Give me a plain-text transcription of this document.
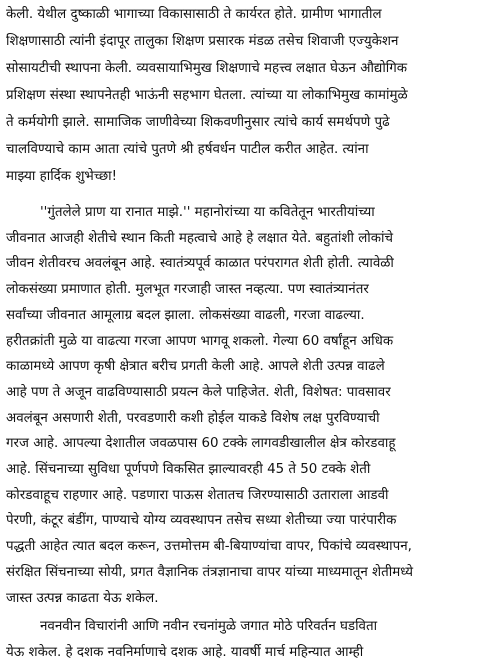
केली. येथील दुष्काळी भागाच्या विकासासाठी ते कार्यरत होते. ग्रामीण भागातील
शिक्षणासाठी त्यांनी इंदापूर तालुका शिक्षण प्रसारक मंडळ तसेच शिवाजी एज्युकेशन
सोसायटीची स्थापना केली. व्यवसायाभिमुख शिक्षणाचे महत्त्व लक्षात घेऊन औद्योगिक
प्रशिक्षण संस्था स्थापनेतही भाऊंनी सहभाग घेतला. त्यांच्या या लोकाभिमुख कामांमुळे
ते कर्मयोगी झाले. सामाजिक जाणीवेच्या शिकवणीनुसार त्यांचे कार्य समर्थपणे पुढे
चालविण्याचे काम आता त्यांचे पुतणे श्री हर्षवर्धन पाटील करीत आहेत. त्यांना
माझ्या हार्दिक शुभेच्छा!
''गुंतलेले प्राण या रानात माझे.'' महानोरांच्या या कवितेतून भारतीयांच्या
जीवनात आजही शेतीचे स्थान किती महत्वाचे आहे हे लक्षात येते. बहुतांशी लोकांचे
जीवन शेतीवरच अवलंबून आहे. स्वातंत्र्यपूर्व काळात परंपरागत शेती होती. त्यावेळी
लोकसंख्या प्रमाणात होती. मुलभूत गरजाही जास्त नव्हत्या. पण स्वातंत्र्यानंतर
सर्वांच्या जीवनात आमूलाग्र बदल झाला. लोकसंख्या वाढली, गरजा वाढल्या.
हरीतक्रांती मुळे या वाढत्या गरजा आपण भागवू शकलो. गेल्या 60 वर्षांहून अधिक
काळामध्ये आपण कृषी क्षेत्रात बरीच प्रगती केली आहे. आपले शेती उत्पन्न वाढले
आहे पण ते अजून वाढविण्यासाठी प्रयत्न केले पाहिजेत. शेती, विशेषत: पावसावर
अवलंबून असणारी शेती, परवडणारी कशी होईल याकडे विशेष लक्ष पुरविण्याची
गरज आहे. आपल्या देशातील जवळपास 60 टक्के लागवडीखालील क्षेत्र कोरडवाहू
आहे. सिंचनाच्या सुविधा पूर्णपणे विकसित झाल्यावरही 45 ते 50 टक्के शेती
कोरडवाहूच राहणार आहे. पडणारा पाऊस शेतातच जिरण्यासाठी उताराला आडवी
पेरणी, कंटूर बंडींग, पाण्याचे योग्य व्यवस्थापन तसेच सध्या शेतीच्या ज्या पारंपारीक
पद्धती आहेत त्यात बदल करून, उत्तमोत्तम बी-बियाण्यांचा वापर, पिकांचे व्यवस्थापन,
संरक्षित सिंचनाच्या सोयी, प्रगत वैज्ञानिक तंत्रज्ञानाचा वापर यांच्या माध्यमातून शेतीमध्ये
जास्त उत्पन्न काढता येऊ शकेल.
नवनवीन विचारांनी आणि नवीन रचनांमुळे जगात मोठे परिवर्तन घडविता
येऊ शकेल. हे दशक नवनिर्माणाचे दशक आहे. यावर्षी मार्च महिन्यात आम्ही
